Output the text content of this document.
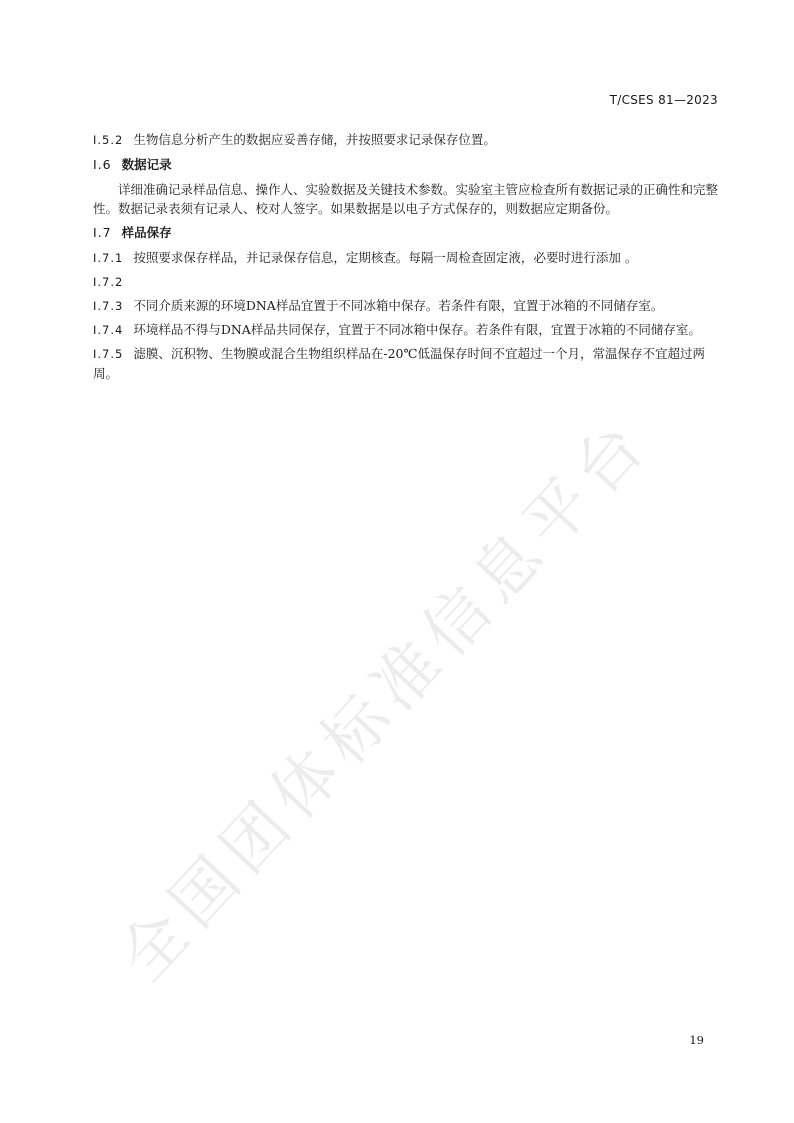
T/CSES 81—2023
全国团体标准信息平台

I.5.2 生物信息分析产生的数据应妥善存储，并按照要求记录保存位置。

I.6 数据记录

详细准确记录样品信息、操作人、实验数据及关键技术参数。实验室主管应检查所有数据记录的正确性和完整性。数据记录表须有记录人、校对人签字。如果数据是以电子方式保存的，则数据应定期备份。

I.7 样品保存

I.7.1 按照要求保存样品，并记录保存信息，定期核查。每隔一周检查固定液，必要时进行添加 。

I.7.2

I.7.3 不同介质来源的环境DNA样品宜置于不同冰箱中保存。若条件有限，宜置于冰箱的不同储存室。

I.7.4 环境样品不得与DNA样品共同保存，宜置于不同冰箱中保存。若条件有限，宜置于冰箱的不同储存室。

I.7.5 滤膜、沉积物、生物膜或混合生物组织样品在-20℃低温保存时间不宜超过一个月，常温保存不宜超过两周。

19
